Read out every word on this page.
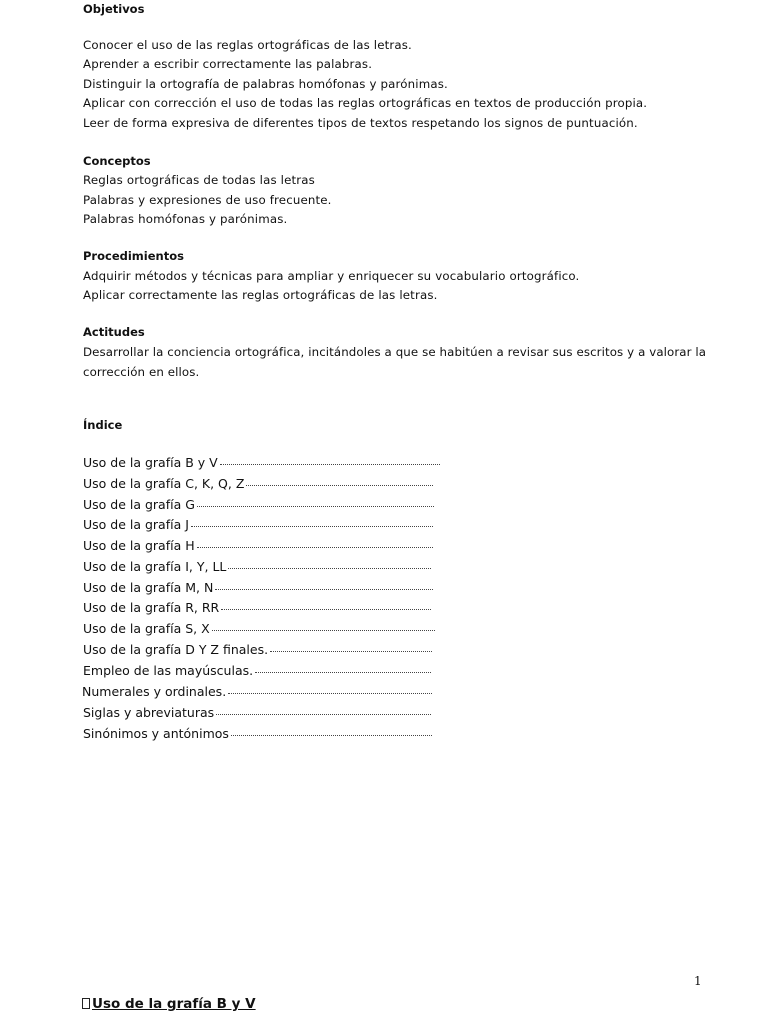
Objetivos

Conocer el uso de las reglas ortográficas de las letras.

Aprender a escribir correctamente las palabras.

Distinguir la ortografía de palabras homófonas y parónimas.

Aplicar con corrección el uso de todas las reglas ortográficas en textos de producción propia.

Leer de forma expresiva de diferentes tipos de textos respetando los signos de puntuación.

Conceptos

Reglas ortográficas de todas las letras

Palabras y expresiones de uso frecuente.

Palabras homófonas y parónimas.

Procedimientos

Adquirir métodos y técnicas para ampliar y enriquecer su vocabulario ortográfico.

Aplicar correctamente las reglas ortográficas de las letras.

Actitudes

Desarrollar la conciencia ortográfica, incitándoles a que se habitúen a revisar sus escritos y a valorar la corrección en ellos.

Índice

Uso de la grafía B y V
Uso de la grafía C, K, Q, Z
Uso de la grafía G
Uso de la grafía J
Uso de la grafía H
Uso de la grafía I, Y, LL
Uso de la grafía M, N
Uso de la grafía R, RR
Uso de la grafía S, X
Uso de la grafía D Y Z finales.
Empleo de las mayúsculas.
Numerales y ordinales.
Siglas y abreviaturas
Sinónimos y antónimos
1
Uso de la grafía B y V
